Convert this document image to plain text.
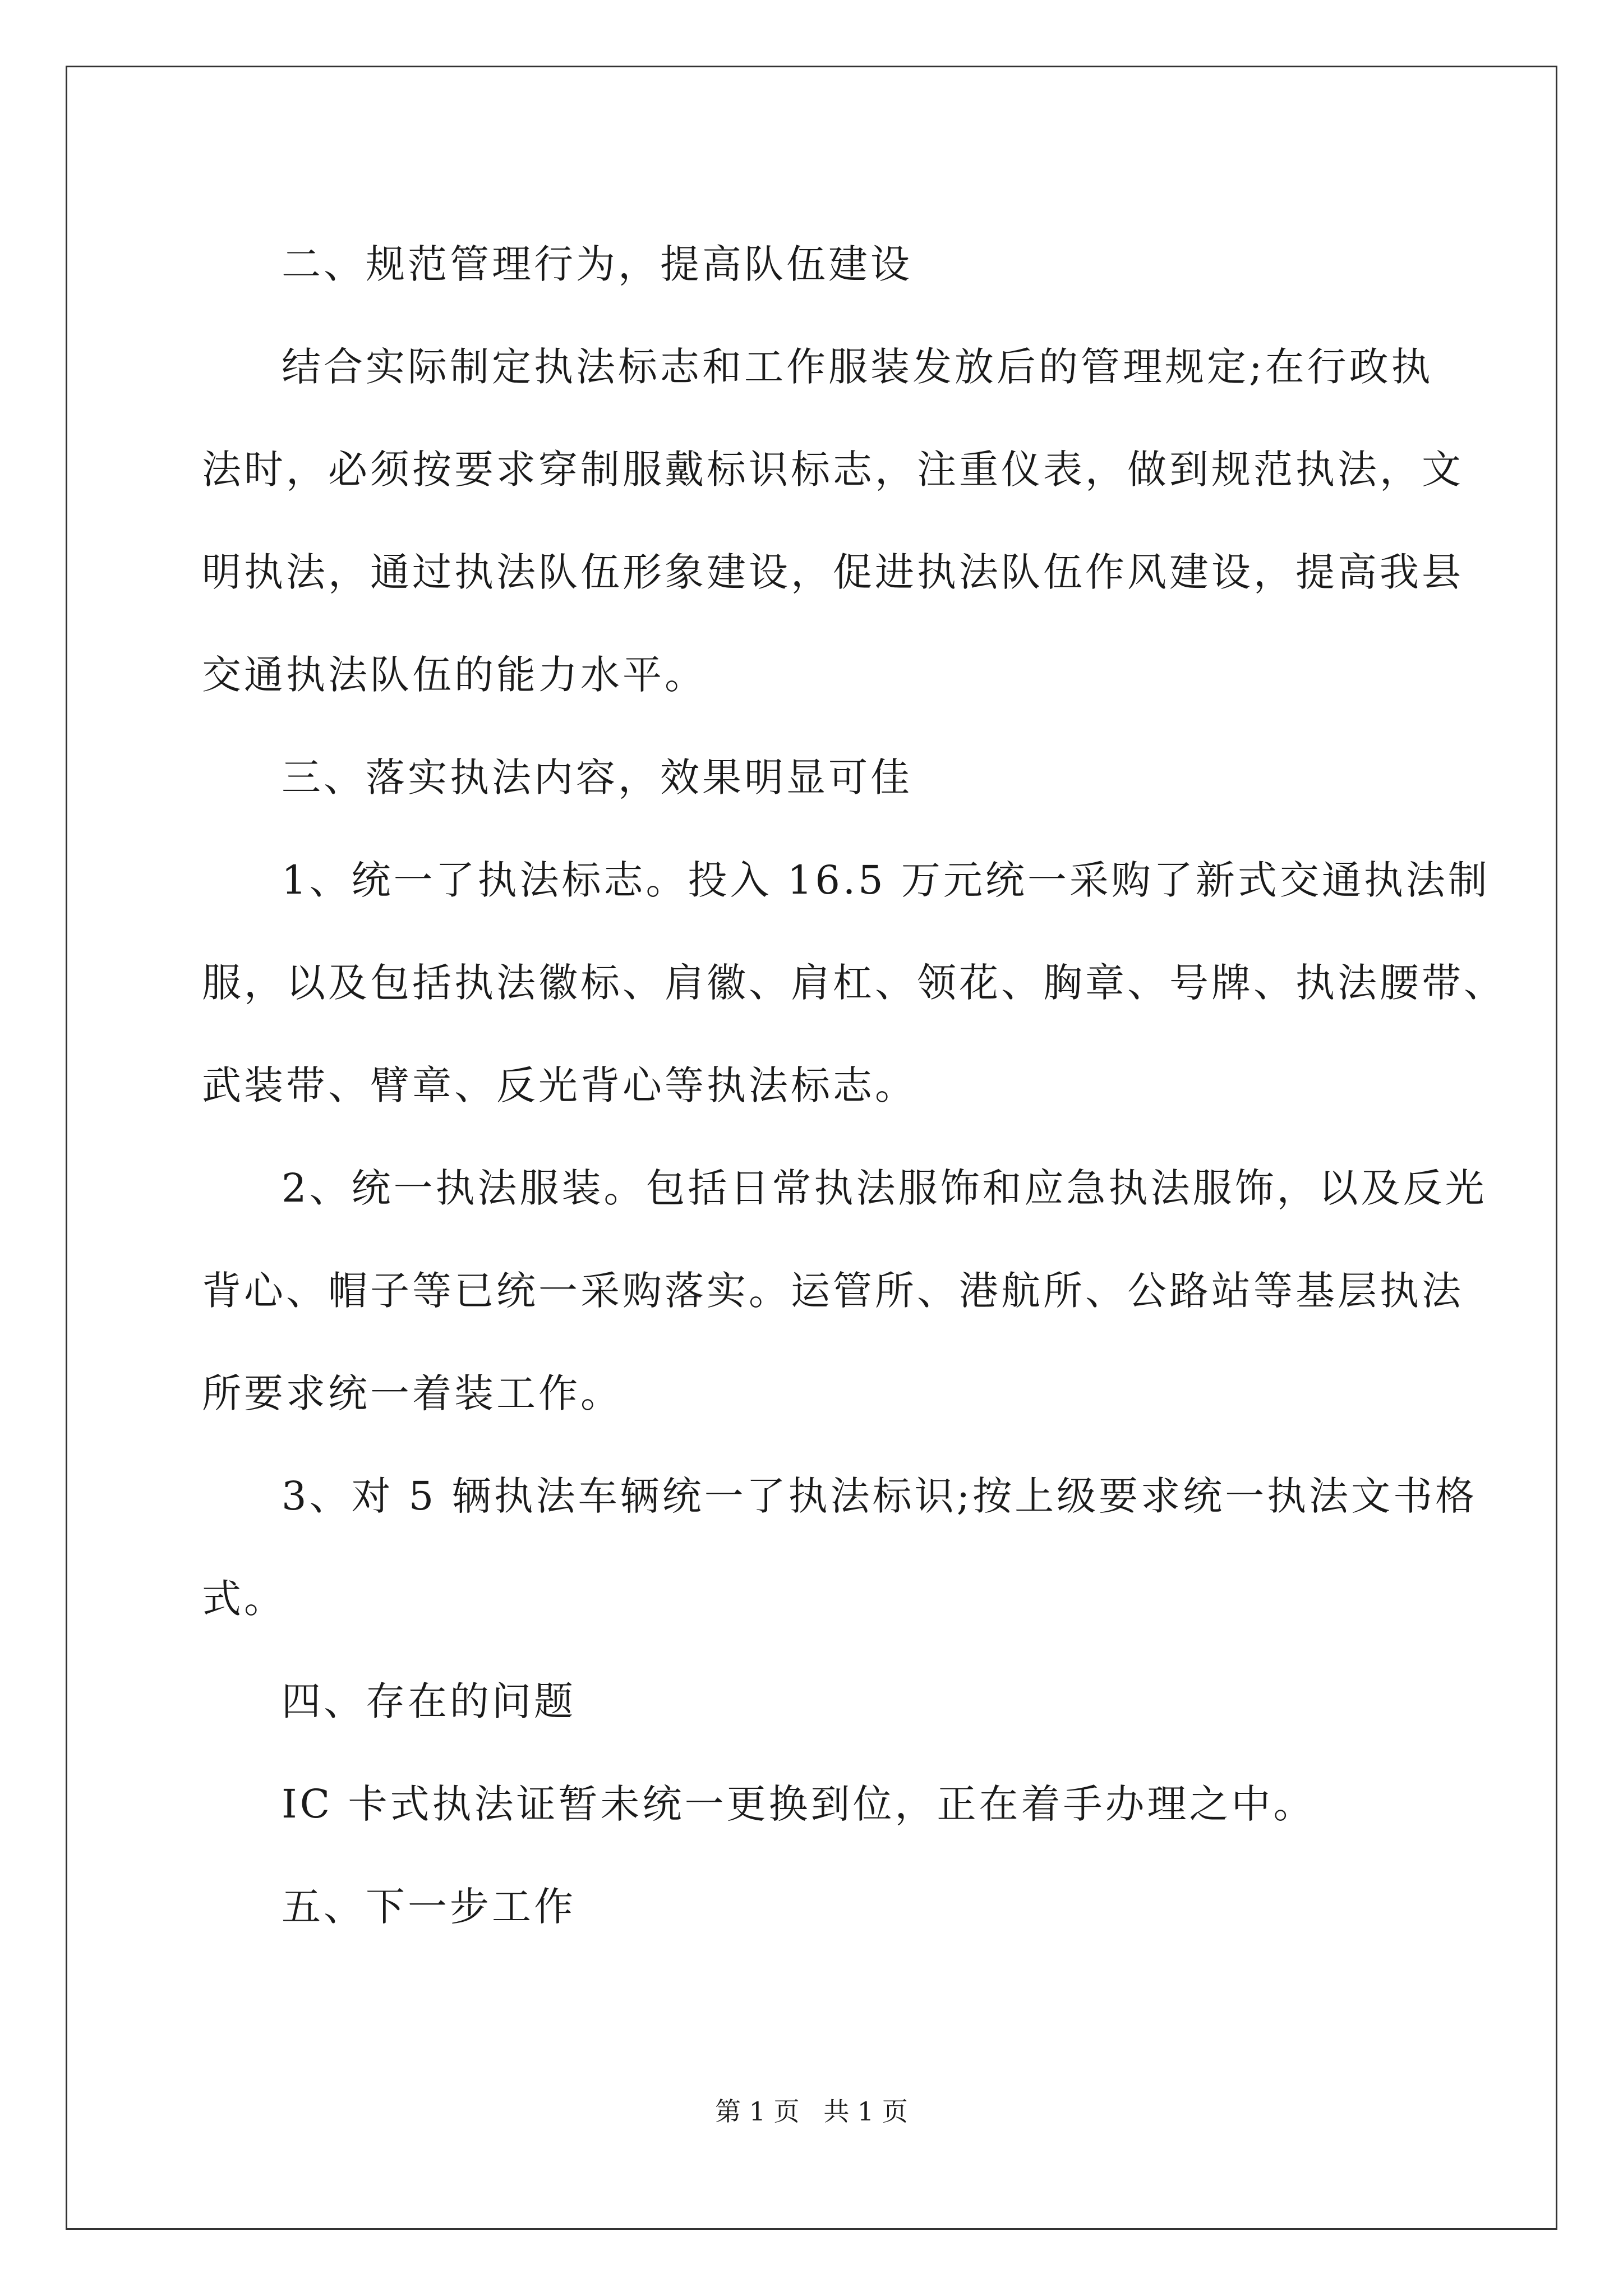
二、规范管理行为，提高队伍建设

结合实际制定执法标志和工作服装发放后的管理规定;在行政执

法时，必须按要求穿制服戴标识标志，注重仪表，做到规范执法，文

明执法，通过执法队伍形象建设，促进执法队伍作风建设，提高我县

交通执法队伍的能力水平。

三、落实执法内容，效果明显可佳

1、统一了执法标志。投入 16.5 万元统一采购了新式交通执法制

服，以及包括执法徽标、肩徽、肩杠、领花、胸章、号牌、执法腰带、

武装带、臂章、反光背心等执法标志。

2、统一执法服装。包括日常执法服饰和应急执法服饰，以及反光

背心、帽子等已统一采购落实。运管所、港航所、公路站等基层执法

所要求统一着装工作。

3、对 5 辆执法车辆统一了执法标识;按上级要求统一执法文书格

式。

四、存在的问题

IC 卡式执法证暂未统一更换到位，正在着手办理之中。

五、下一步工作

第 1 页 共 1 页
